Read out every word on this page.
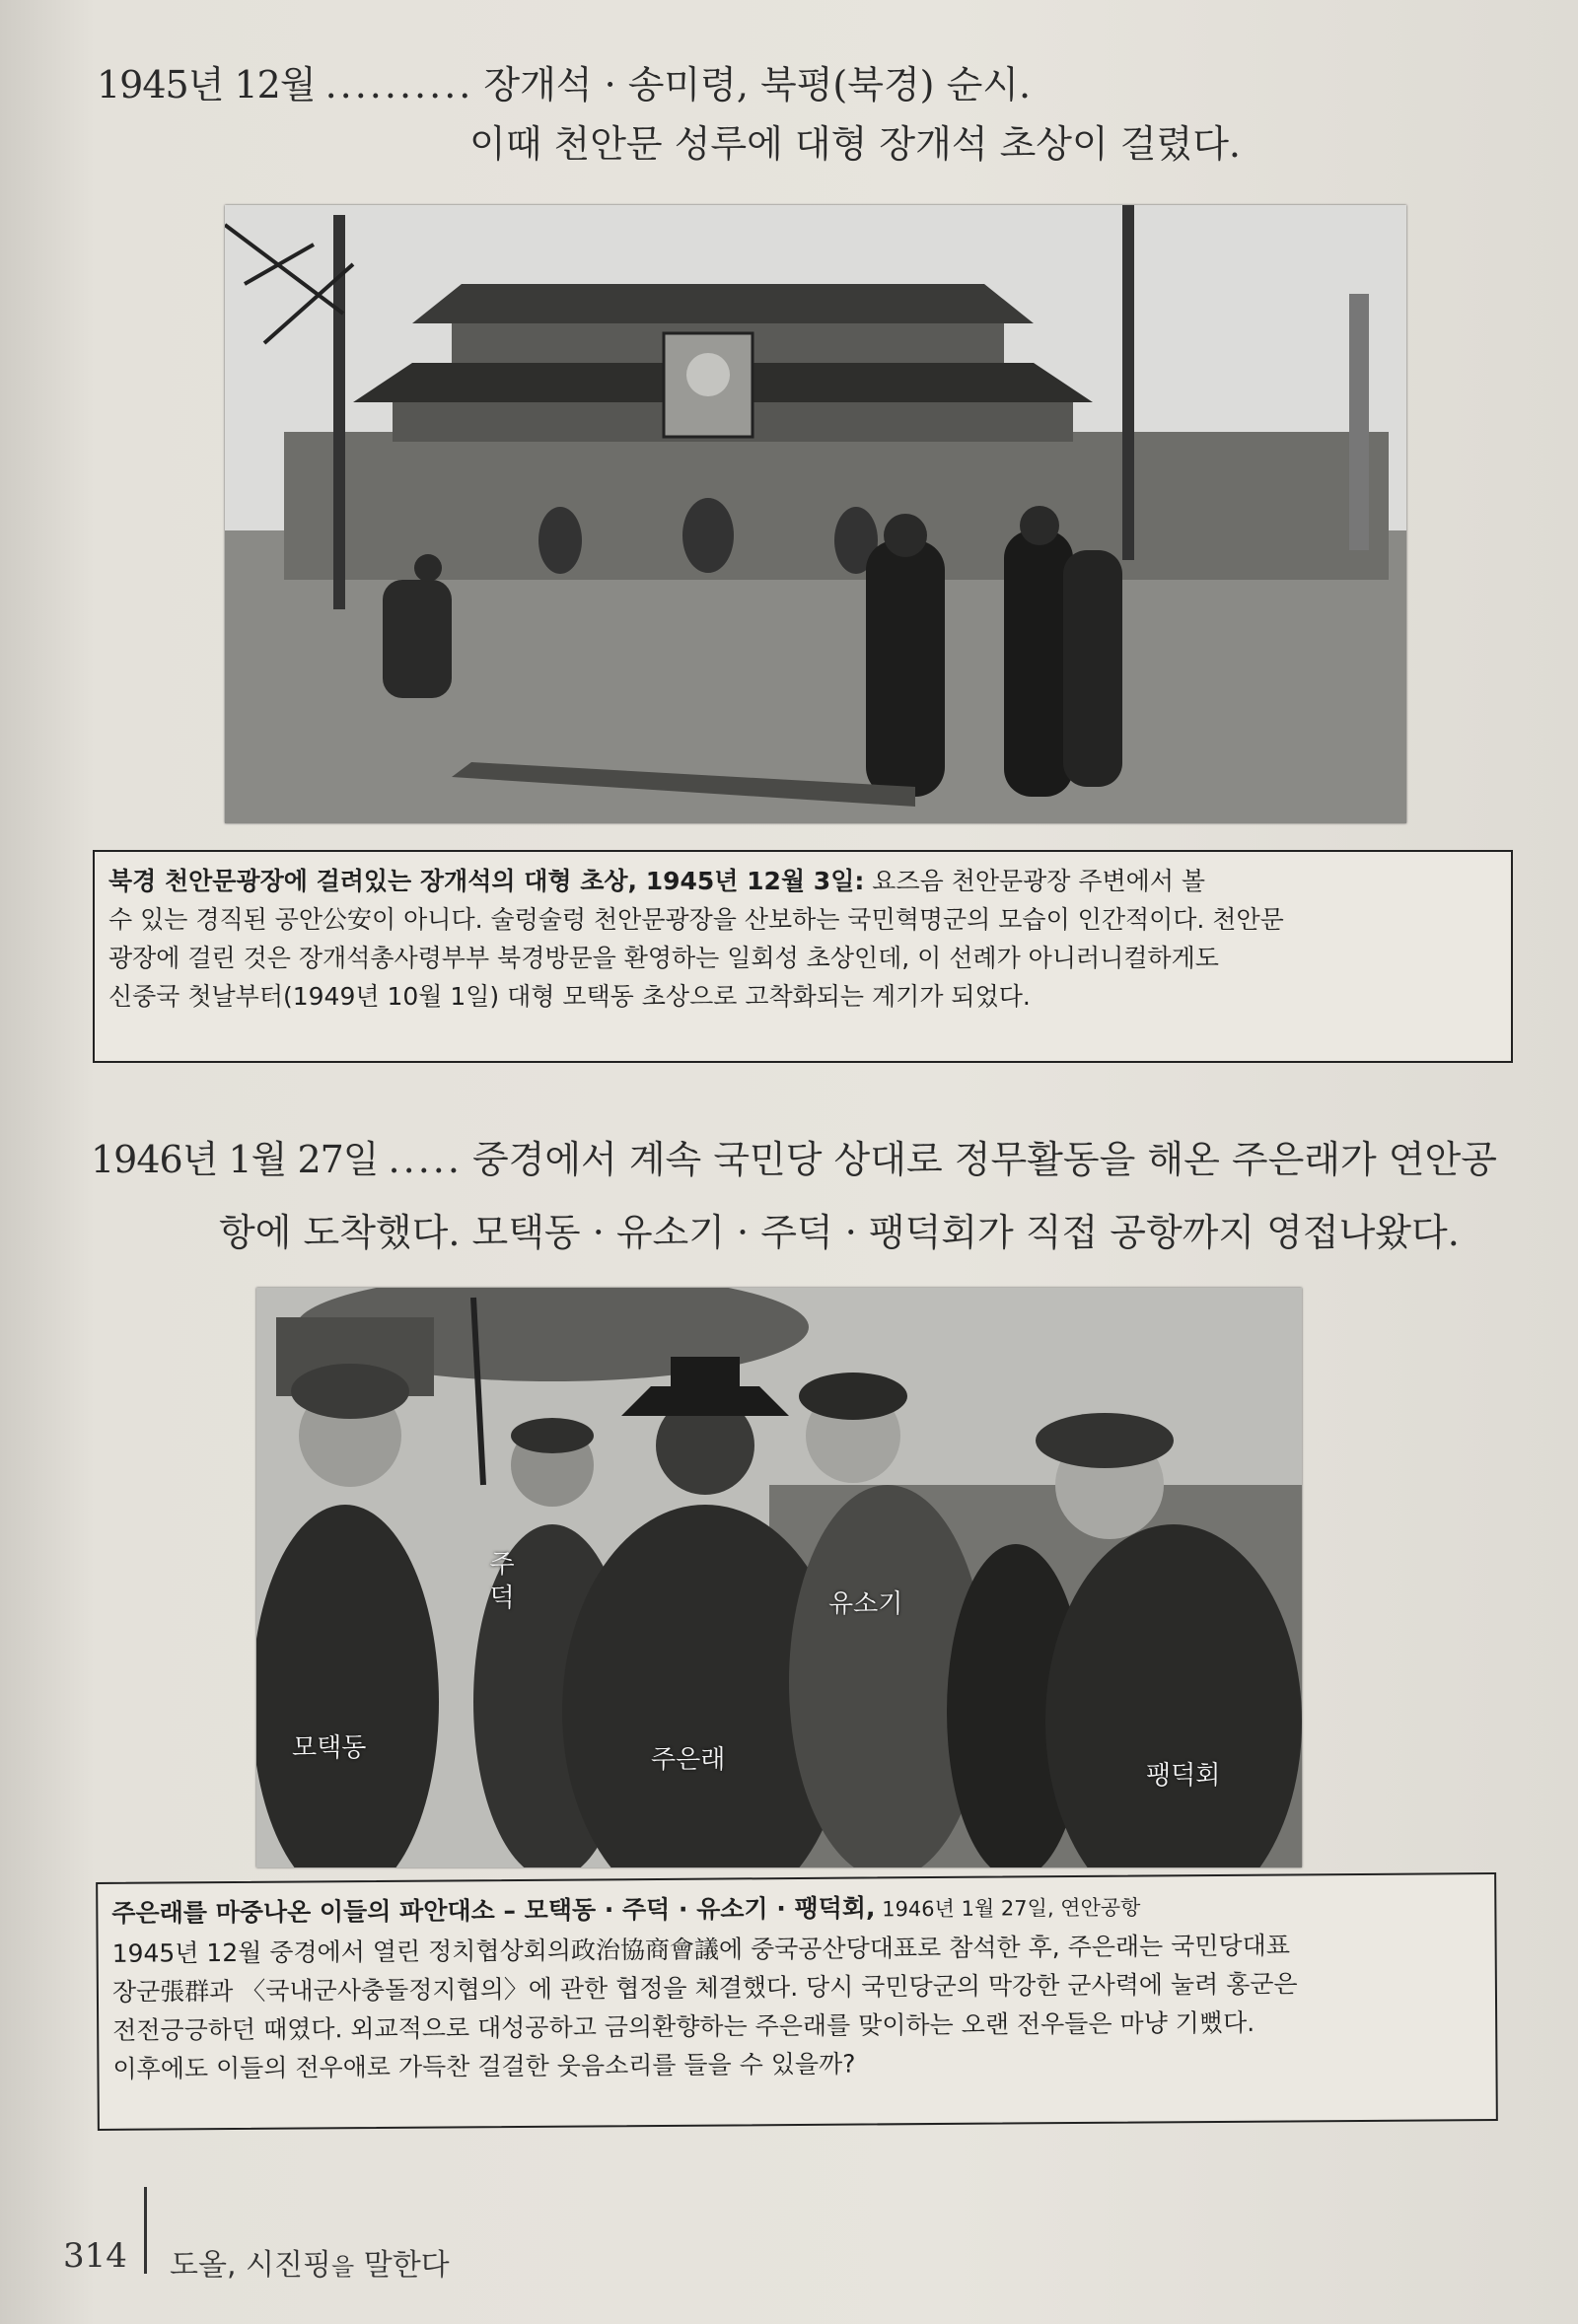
1945년 12월 .......... 장개석 · 송미령, 북평(북경) 순시.
이때 천안문 성루에 대형 장개석 초상이 걸렸다.
북경 천안문광장에 걸려있는 장개석의 대형 초상, 1945년 12월 3일: 요즈음 천안문광장 주변에서 볼
수 있는 경직된 공안公安이 아니다. 술렁술렁 천안문광장을 산보하는 국민혁명군의 모습이 인간적이다. 천안문
광장에 걸린 것은 장개석총사령부부 북경방문을 환영하는 일회성 초상인데, 이 선례가 아니러니컬하게도
신중국 첫날부터(1949년 10월 1일) 대형 모택동 초상으로 고착화되는 계기가 되었다.
1946년 1월 27일 ..... 중경에서 계속 국민당 상대로 정무활동을 해온 주은래가 연안공
항에 도착했다. 모택동 · 유소기 · 주덕 · 팽덕회가 직접 공항까지 영접나왔다.
주덕	유소기
모택동	주은래
팽덕회
주은래를 마중나온 이들의 파안대소 – 모택동 · 주덕 · 유소기 · 팽덕회, 1946년 1월 27일, 연안공항
1945년 12월 중경에서 열린 정치협상회의政治協商會議에 중국공산당대표로 참석한 후, 주은래는 국민당대표
장군張群과 〈국내군사충돌정지협의〉에 관한 협정을 체결했다. 당시 국민당군의 막강한 군사력에 눌려 홍군은
전전긍긍하던 때였다. 외교적으로 대성공하고 금의환향하는 주은래를 맞이하는 오랜 전우들은 마냥 기뻤다.
이후에도 이들의 전우애로 가득찬 걸걸한 웃음소리를 들을 수 있을까?
314 도올, 시진핑을 말한다
